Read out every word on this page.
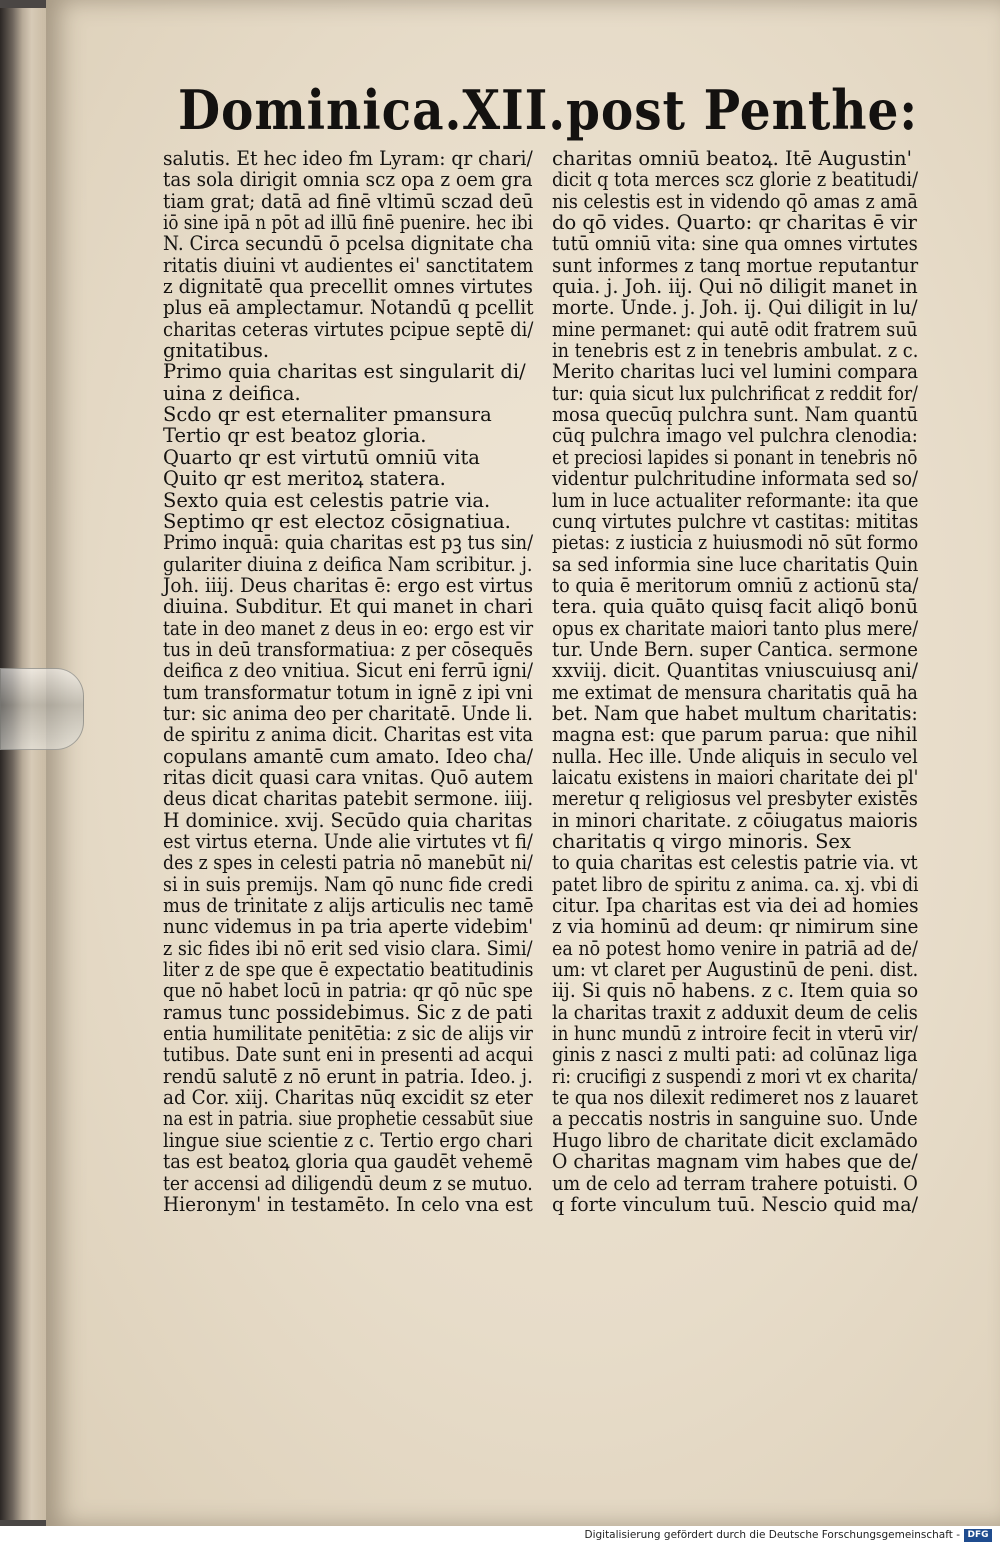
Dominica.XII.post Penthe:
salutis. Et hec ideo fm Lyram: qr chari/
tas sola dirigit omnia scz opa z oem gra
tiam grat; datā ad finē vltimū sczad deū
iō sine ipā n pōt ad illū finē puenire. hec ibi
N. Circa secundū ō pcelsa dignitate cha
ritatis diuini vt audientes ei' sanctitatem
z dignitatē qua precellit omnes virtutes
plus eā amplectamur. Notandū q pcellit
charitas ceteras virtutes pcipue septē di/
gnitatibus.
Primo quia charitas est singularit di/
uina z deifica.
Scdo qr est eternaliter pmansura
Tertio qr est beatoz gloria.
Quarto qr est virtutū omniū vita
Quito qr est meritoꝝ statera.
Sexto quia est celestis patrie via.
Septimo qr est electoz cōsignatiua.
Primo inquā: quia charitas est pꝫ tus sin/
gulariter diuina z deifica Nam scribitur. j.
Joh. iiij. Deus charitas ē: ergo est virtus
diuina. Subditur. Et qui manet in chari
tate in deo manet z deus in eo: ergo est vir
tus in deū transformatiua: z per cōsequēs
deifica z deo vnitiua. Sicut eni ferrū igni/
tum transformatur totum in ignē z ipi vni
tur: sic anima deo per charitatē. Unde li.
de spiritu z anima dicit. Charitas est vita
copulans amantē cum amato. Ideo cha/
ritas dicit quasi cara vnitas. Quō autem
deus dicat charitas patebit sermone. iiij.
H dominice. xvij. Secūdo quia charitas
est virtus eterna. Unde alie virtutes vt fi/
des z spes in celesti patria nō manebūt ni/
si in suis premijs. Nam qō nunc fide credi
mus de trinitate z alijs articulis nec tamē
nunc videmus in pa tria aperte videbim'
z sic fides ibi nō erit sed visio clara. Simi/
liter z de spe que ē expectatio beatitudinis
que nō habet locū in patria: qr qō nūc spe
ramus tunc possidebimus. Sic z de pati
entia humilitate penitētia: z sic de alijs vir
tutibus. Date sunt eni in presenti ad acqui
rendū salutē z nō erunt in patria. Ideo. j.
ad Cor. xiij. Charitas nūq excidit sz eter
na est in patria. siue prophetie cessabūt siue
lingue siue scientie z c. Tertio ergo chari
tas est beatoꝝ gloria qua gaudēt vehemē
ter accensi ad diligendū deum z se mutuo.
Hieronym' in testamēto. In celo vna est
charitas omniū beatoꝝ. Itē Augustin'
dicit q tota merces scz glorie z beatitudi/
nis celestis est in videndo qō amas z amā
do qō vides. Quarto: qr charitas ē vir
tutū omniū vita: sine qua omnes virtutes
sunt informes z tanq mortue reputantur
quia. j. Joh. iij. Qui nō diligit manet in
morte. Unde. j. Joh. ij. Qui diligit in lu/
mine permanet: qui autē odit fratrem suū
in tenebris est z in tenebris ambulat. z c.
Merito charitas luci vel lumini compara
tur: quia sicut lux pulchrificat z reddit for/
mosa quecūq pulchra sunt. Nam quantū
cūq pulchra imago vel pulchra clenodia:
et preciosi lapides si ponant in tenebris nō
videntur pulchritudine informata sed so/
lum in luce actualiter reformante: ita que
cunq virtutes pulchre vt castitas: mititas
pietas: z iusticia z huiusmodi nō sūt formo
sa sed informia sine luce charitatis Quin
to quia ē meritorum omniū z actionū sta/
tera. quia quāto quisq facit aliqō bonū
opus ex charitate maiori tanto plus mere/
tur. Unde Bern. super Cantica. sermone
xxviij. dicit. Quantitas vniuscuiusq ani/
me extimat de mensura charitatis quā ha
bet. Nam que habet multum charitatis:
magna est: que parum parua: que nihil
nulla. Hec ille. Unde aliquis in seculo vel
laicatu existens in maiori charitate dei pl'
meretur q religiosus vel presbyter existēs
in minori charitate. z cōiugatus maioris
charitatis q virgo minoris. Sex
to quia charitas est celestis patrie via. vt
patet libro de spiritu z anima. ca. xj. vbi di
citur. Ipa charitas est via dei ad homies
z via hominū ad deum: qr nimirum sine
ea nō potest homo venire in patriā ad de/
um: vt claret per Augustinū de peni. dist.
iij. Si quis nō habens. z c. Item quia so
la charitas traxit z adduxit deum de celis
in hunc mundū z introire fecit in vterū vir/
ginis z nasci z multi pati: ad colūnaz liga
ri: crucifigi z suspendi z mori vt ex charita/
te qua nos dilexit redimeret nos z lauaret
a peccatis nostris in sanguine suo. Unde
Hugo libro de charitate dicit exclamādo
O charitas magnam vim habes que de/
um de celo ad terram trahere potuisti. O
q forte vinculum tuū. Nescio quid ma/
Digitalisierung gefördert durch die Deutsche Forschungsgemeinschaft - DFG
